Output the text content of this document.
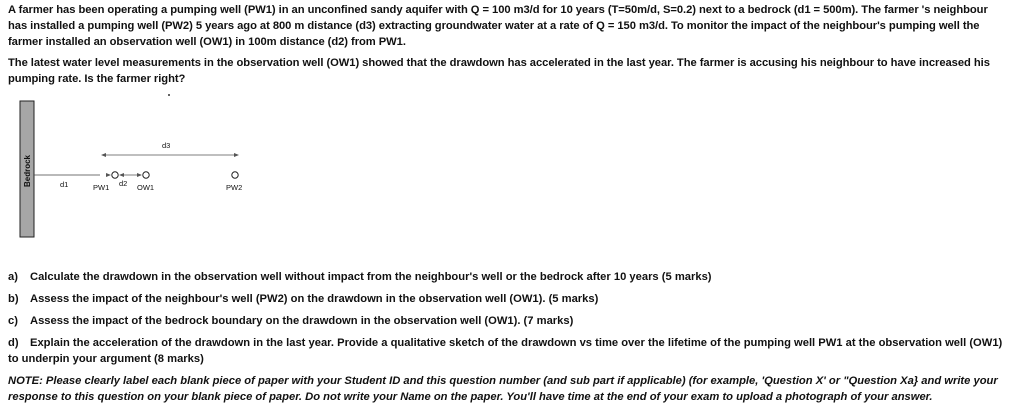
A farmer has been operating a pumping well (PW1) in an unconfined sandy aquifer with Q = 100 m3/d for 10 years (T=50m/d, S=0.2) next to a bedrock (d1 = 500m). The farmer 's neighbour has installed a pumping well (PW2) 5 years ago at 800 m distance (d3) extracting groundwater water at a rate of Q = 150 m3/d. To monitor the impact of the neighbour's pumping well the farmer installed an observation well (OW1) in 100m distance (d2) from PW1.
The latest water level measurements in the observation well (OW1) showed that the drawdown has accelerated in the last year. The farmer is accusing his neighbour to have increased his pumping rate. Is the farmer right?
Bedrock	d1
d3
PW1 d2 OW1	PW2
a) Calculate the drawdown in the observation well without impact from the neighbour's well or the bedrock after 10 years (5 marks)
b) Assess the impact of the neighbour's well (PW2) on the drawdown in the observation well (OW1). (5 marks)
c) Assess the impact of the bedrock boundary on the drawdown in the observation well (OW1). (7 marks)
d) Explain the acceleration of the drawdown in the last year. Provide a qualitative sketch of the drawdown vs time over the lifetime of the pumping well PW1 at the observation well (OW1) to underpin your argument (8 marks)
NOTE: Please clearly label each blank piece of paper with your Student ID and this question number (and sub part if applicable) (for example, 'Question X' or "Question Xa} and write your response to this question on your blank piece of paper. Do not write your Name on the paper. You'll have time at the end of your exam to upload a photograph of your answer.
